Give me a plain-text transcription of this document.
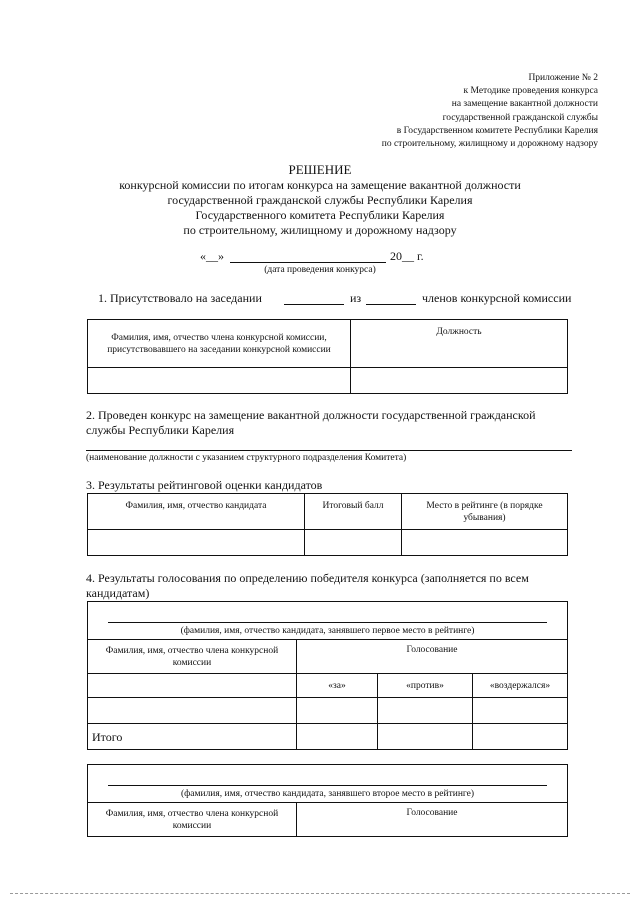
Приложение № 2
к Методике проведения конкурса
на замещение вакантной должности
государственной гражданской службы
в Государственном комитете Республики Карелия
по строительному, жилищному и дорожному надзору
РЕШЕНИЕ
конкурсной комиссии по итогам конкурса на замещение вакантной должности
государственной гражданской службы Республики Карелия
Государственного комитета Республики Карелия
по строительному, жилищному и дорожному надзору
«__»	20__ г.
(дата проведения конкурса)
1. Присутствовало на заседании	из	членов конкурсной комиссии
Фамилия, имя, отчество члена конкурсной комиссии, присутствовавшего на заседании конкурсной комиссии	Должность

2. Проведен конкурс на замещение вакантной должности государственной гражданской
службы Республики Карелия
(наименование должности с указанием структурного подразделения Комитета)
3. Результаты рейтинговой оценки кандидатов
Фамилия, имя, отчество кандидата	Итоговый балл	Место в рейтинге (в порядке убывания)

4. Результаты голосования по определению победителя конкурса (заполняется по всем
кандидатам)
(фамилия, имя, отчество кандидата, занявшего первое место в рейтинге)			
Фамилия, имя, отчество члена конкурсной комиссии	Голосование		
	«за»	«против»	«воздержался»

Итого			
(фамилия, имя, отчество кандидата, занявшего второе место в рейтинге)
Фамилия, имя, отчество члена конкурсной комиссии	Голосование
